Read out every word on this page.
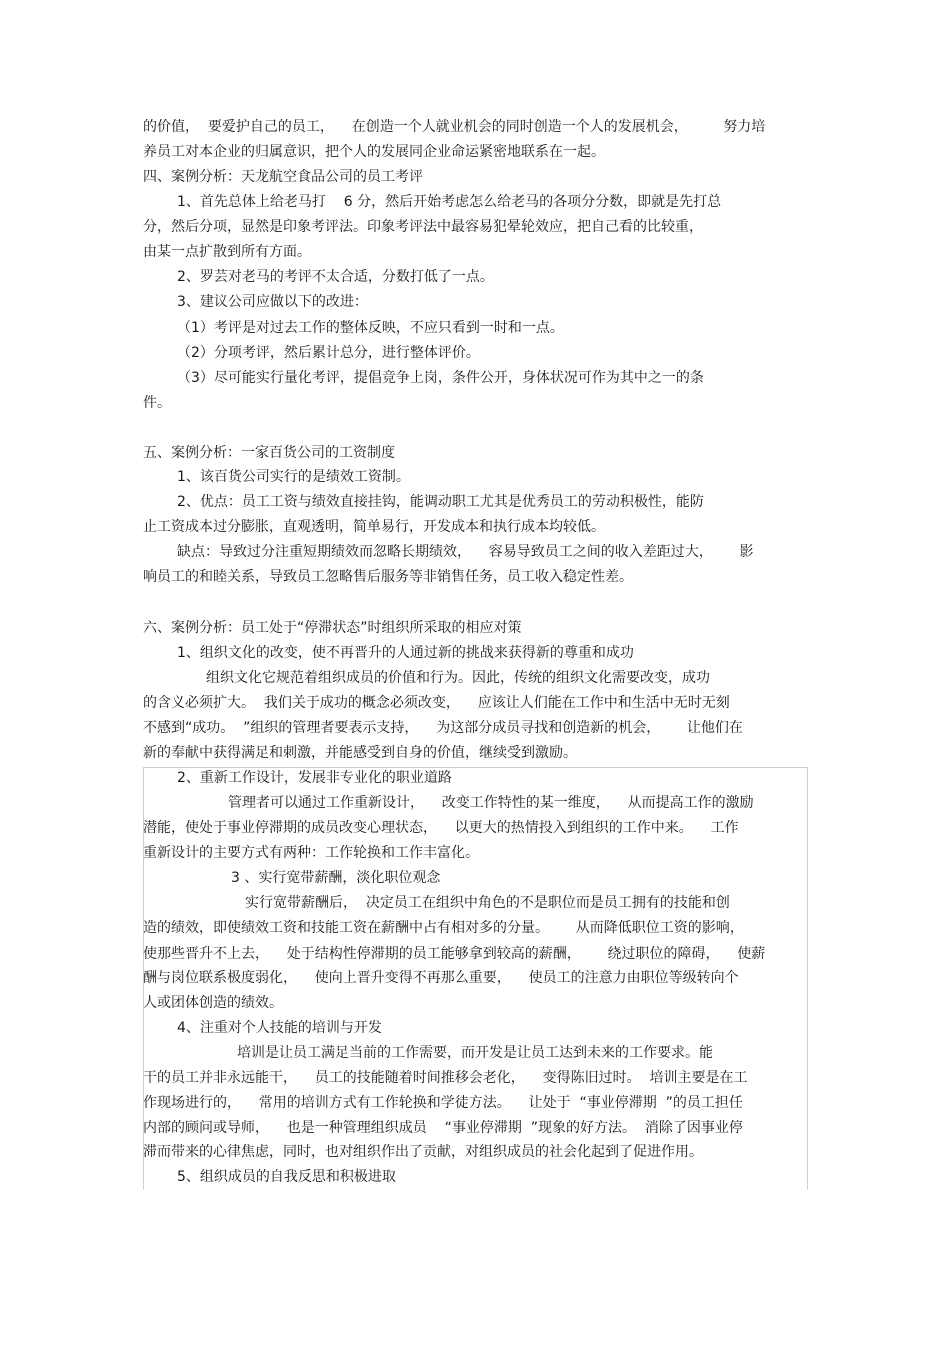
的价值，  要爱护自己的员工，    在创造一个人就业机会的同时创造一个人的发展机会，        努力培
养员工对本企业的归属意识，把个人的发展同企业命运紧密地联系在一起。
四、案例分析：天龙航空食品公司的员工考评
1、首先总体上给老马打    6 分，然后开始考虑怎么给老马的各项分分数，即就是先打总
分，然后分项，显然是印象考评法。印象考评法中最容易犯晕轮效应，把自己看的比较重，
由某一点扩散到所有方面。
2、罗芸对老马的考评不太合适，分数打低了一点。
3、建议公司应做以下的改进：
（1）考评是对过去工作的整体反映，不应只看到一时和一点。
（2）分项考评，然后累计总分，进行整体评价。
（3）尽可能实行量化考评，提倡竞争上岗，条件公开，身体状况可作为其中之一的条
件。
五、案例分析：一家百货公司的工资制度
1、该百货公司实行的是绩效工资制。
2、优点：员工工资与绩效直接挂钩，能调动职工尤其是优秀员工的劳动积极性，能防
止工资成本过分膨胀，直观透明，简单易行，开发成本和执行成本均较低。
缺点：导致过分注重短期绩效而忽略长期绩效，    容易导致员工之间的收入差距过大，      影
响员工的和睦关系，导致员工忽略售后服务等非销售任务，员工收入稳定性差。
六、案例分析：员工处于“停滞状态”时组织所采取的相应对策
1、组织文化的改变，使不再晋升的人通过新的挑战来获得新的尊重和成功
组织文化它规范着组织成员的价值和行为。因此，传统的组织文化需要改变，成功
的含义必须扩大。  我们关于成功的概念必须改变，    应该让人们能在工作中和生活中无时无刻
不感到“成功。  ”组织的管理者要表示支持，    为这部分成员寻找和创造新的机会，      让他们在
新的奉献中获得满足和刺激，并能感受到自身的价值，继续受到激励。
2、重新工作设计，发展非专业化的职业道路
管理者可以通过工作重新设计，    改变工作特性的某一维度，    从而提高工作的激励
潜能，使处于事业停滞期的成员改变心理状态，    以更大的热情投入到组织的工作中来。    工作
重新设计的主要方式有两种：工作轮换和工作丰富化。
3 、实行宽带薪酬，淡化职位观念
实行宽带薪酬后，  决定员工在组织中角色的不是职位而是员工拥有的技能和创
造的绩效，即使绩效工资和技能工资在薪酬中占有相对多的分量。      从而降低职位工资的影响，
使那些晋升不上去，    处于结构性停滞期的员工能够拿到较高的薪酬，      绕过职位的障碍，    使薪
酬与岗位联系极度弱化，    使向上晋升变得不再那么重要，    使员工的注意力由职位等级转向个
人或团体创造的绩效。
4、注重对个人技能的培训与开发
培训是让员工满足当前的工作需要，而开发是让员工达到未来的工作要求。能
干的员工并非永远能干，    员工的技能随着时间推移会老化，    变得陈旧过时。  培训主要是在工
作现场进行的，    常用的培训方式有工作轮换和学徒方法。    让处于  “事业停滞期  ”的员工担任
内部的顾问或导师，    也是一种管理组织成员    “事业停滞期  ”现象的好方法。  消除了因事业停
滞而带来的心律焦虑，同时，也对组织作出了贡献，对组织成员的社会化起到了促进作用。
5、组织成员的自我反思和积极进取
